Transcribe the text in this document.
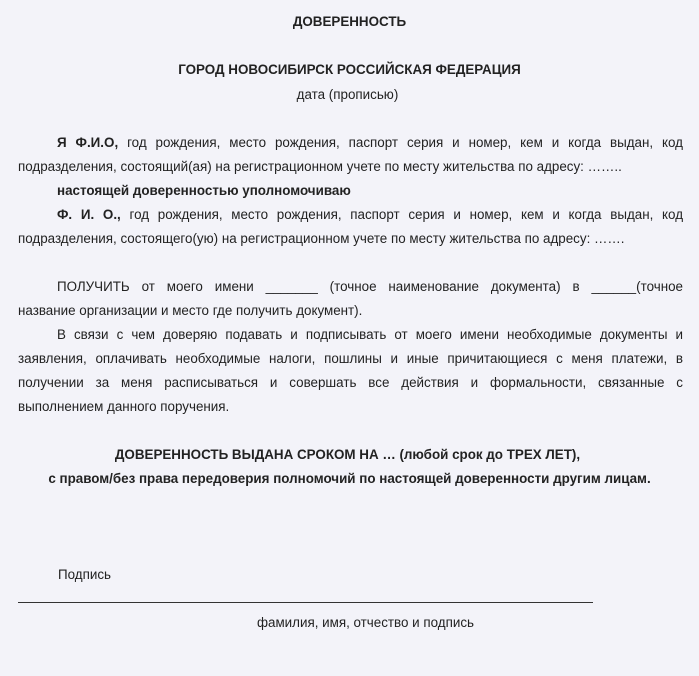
ДОВЕРЕННОСТЬ
ГОРОД НОВОСИБИРСК РОССИЙСКАЯ ФЕДЕРАЦИЯ
дата (прописью)
Я Ф.И.О, год рождения, место рождения, паспорт серия и номер, кем и когда выдан, код
подразделения, состоящий(ая) на регистрационном учете по месту жительства по адресу: ……..
настоящей доверенностью уполномочиваю
Ф. И. О., год рождения, место рождения, паспорт серия и номер, кем и когда выдан, код
подразделения, состоящего(ую) на регистрационном учете по месту жительства по адресу: …….
ПОЛУЧИТЬ от моего имени _______ (точное наименование документа) в ______(точное
название организации и место где получить документ).
В связи с чем доверяю подавать и подписывать от моего имени необходимые документы и
заявления, оплачивать необходимые налоги, пошлины и иные причитающиеся с меня платежи, в
получении за меня расписываться и совершать все действия и формальности, связанные с
выполнением данного поручения.
ДОВЕРЕННОСТЬ ВЫДАНА СРОКОМ НА … (любой срок до ТРЕХ ЛЕТ),
с правом/без права передоверия полномочий по настоящей доверенности другим лицам.
Подпись
фамилия, имя, отчество и подпись
